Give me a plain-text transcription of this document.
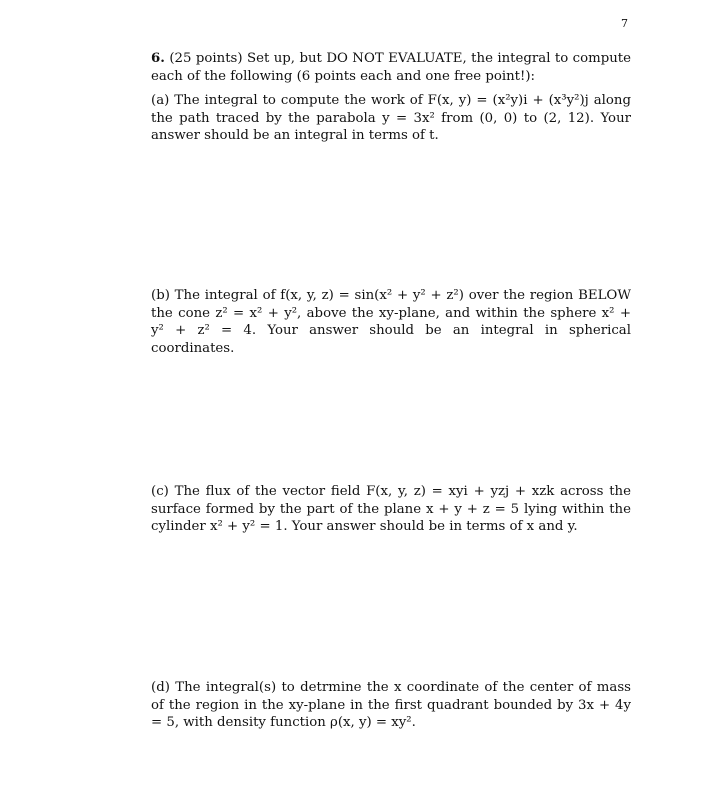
7
6. (25 points) Set up, but DO NOT EVALUATE, the integral to compute each of the following (6 points each and one free point!):

(a) The integral to compute the work of F(x, y) = (x²y)i + (x³y²)j along the path traced by the parabola y = 3x² from (0, 0) to (2, 12). Your answer should be an integral in terms of t.

(b) The integral of f(x, y, z) = sin(x² + y² + z²) over the region BELOW the cone z² = x² + y², above the xy-plane, and within the sphere x² + y² + z² = 4. Your answer should be an integral in spherical coordinates.

(c) The flux of the vector field F(x, y, z) = xyi + yzj + xzk across the surface formed by the part of the plane x + y + z = 5 lying within the cylinder x² + y² = 1. Your answer should be in terms of x and y.

(d) The integral(s) to detrmine the x coordinate of the center of mass of the region in the xy-plane in the first quadrant bounded by 3x + 4y = 5, with density function ρ(x, y) = xy².
